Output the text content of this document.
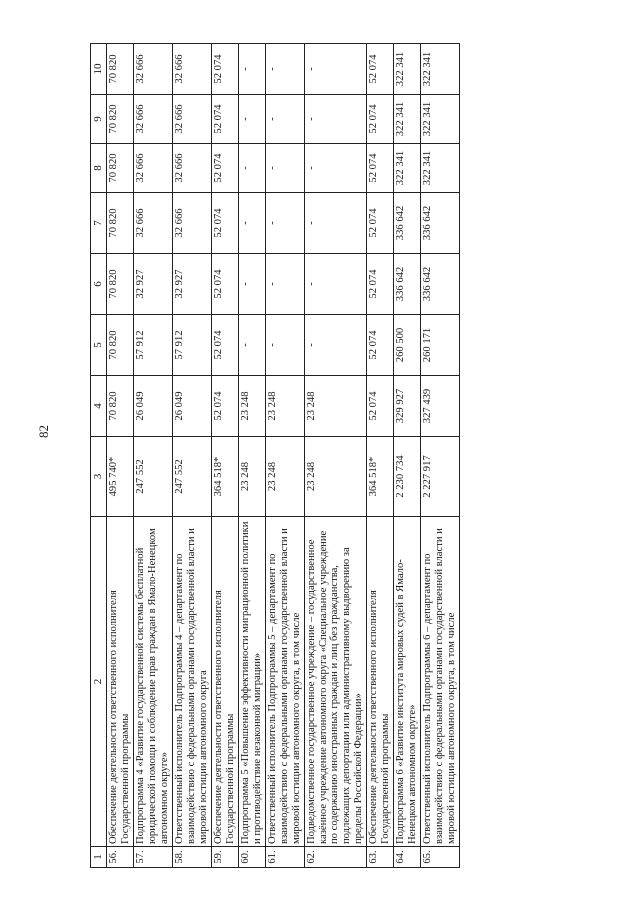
82
1	2	3	4	5	6	7	8	9	10
56.	Обеспечение деятельности ответственного исполнителя Государственной программы	495 740*	70 820	70 820	70 820	70 820	70 820	70 820	70 820
57.	Подпрограмма 4 «Развитие государственной системы бесплатной юридической помощи и соблюдение прав граждан в Ямало-Ненецком автономном округе»	247 552	26 049	57 912	32 927	32 666	32 666	32 666	32 666
58.	Ответственный исполнитель Подпрограммы 4 – департамент по взаимодействию с федеральными органами государственной власти и мировой юстиции автономного округа	247 552	26 049	57 912	32 927	32 666	32 666	32 666	32 666
59.	Обеспечение деятельности ответственного исполнителя Государственной программы	364 518*	52 074	52 074	52 074	52 074	52 074	52 074	52 074
60.	Подпрограмма 5 «Повышение эффективности миграционной политики и противодействие незаконной миграции»	23 248	23 248	-	-	-	-	-	-
61.	Ответственный исполнитель Подпрограммы 5 – департамент по взаимодействию с федеральными органами государственной власти и мировой юстиции автономного округа, в том числе	23 248	23 248	-	-	-	-	-	-
62.	Подведомственное государственное учреждение – государственное казённое учреждение автономного округа «Специальное учреждение по содержанию иностранных граждан и лиц без гражданства, подлежащих депортации или административному выдворению за пределы Российской Федерации»	23 248	23 248	-	-	-	-	-	-
63.	Обеспечение деятельности ответственного исполнителя Государственной программы	364 518*	52 074	52 074	52 074	52 074	52 074	52 074	52 074
64.	Подпрограмма 6 «Развитие института мировых судей в Ямало-Ненецком автономном округе»	2 230 734	329 927	260 500	336 642	336 642	322 341	322 341	322 341
65.	Ответственный исполнитель Подпрограммы 6 – департамент по взаимодействию с федеральными органами государственной власти и мировой юстиции автономного округа, в том числе	2 227 917	327 439	260 171	336 642	336 642	322 341	322 341	322 341
